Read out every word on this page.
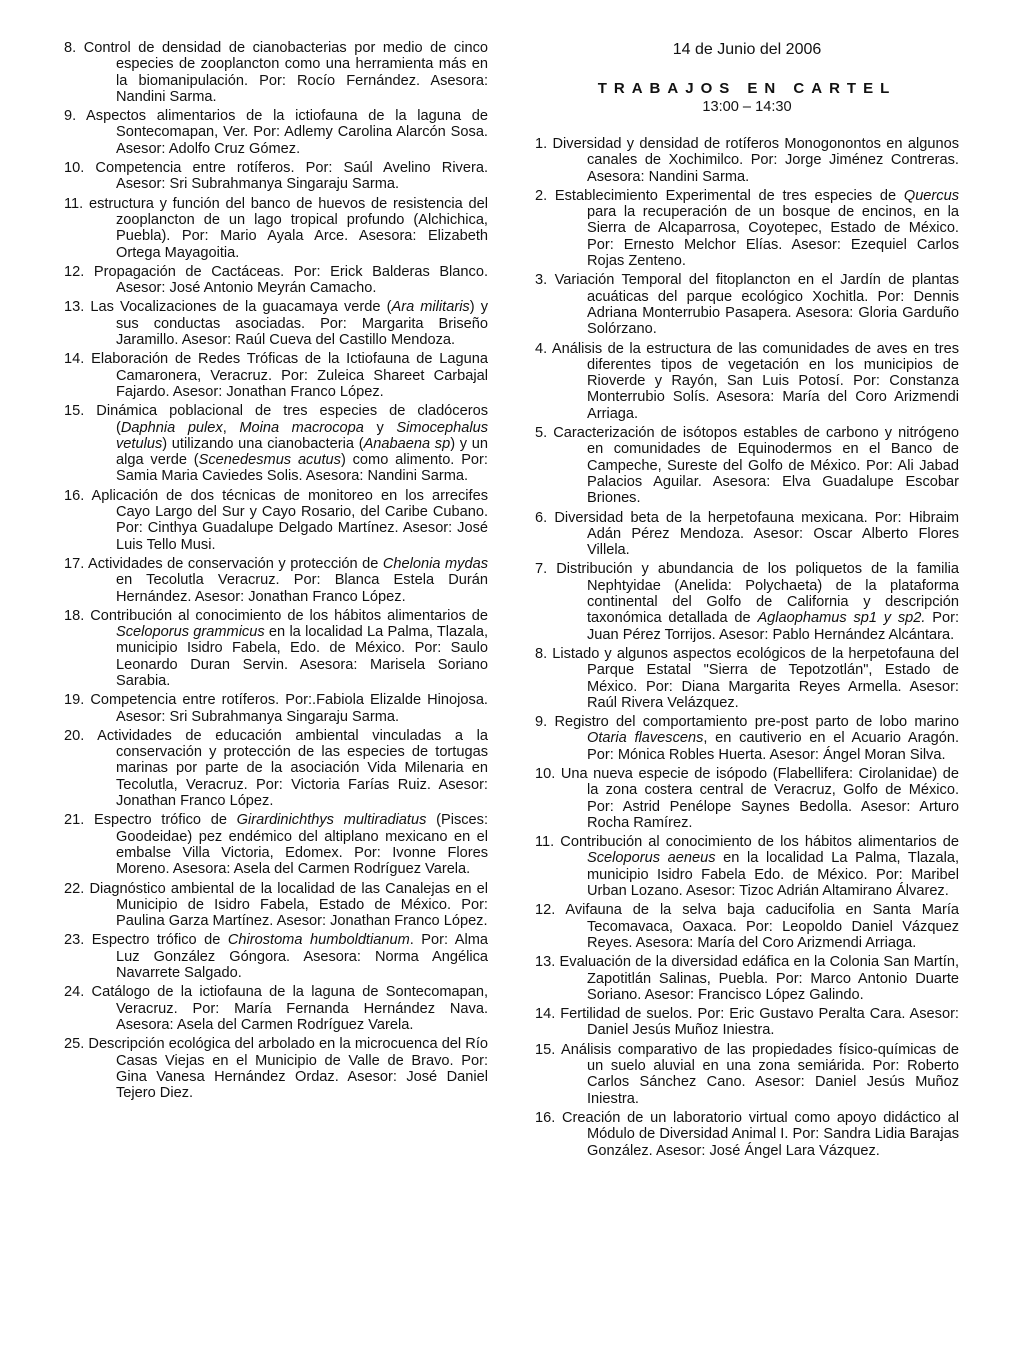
8. Control de densidad de cianobacterias por medio de cinco especies de zooplancton como una herramienta más en la biomanipulación. Por: Rocío Fernández. Asesora: Nandini Sarma.

9. Aspectos alimentarios de la ictiofauna de la laguna de Sontecomapan, Ver. Por: Adlemy Carolina Alarcón Sosa. Asesor: Adolfo Cruz Gómez.

10. Competencia entre rotíferos. Por: Saúl Avelino Rivera. Asesor: Sri Subrahmanya Singaraju Sarma.

11. estructura y función del banco de huevos de resistencia del zooplancton de un lago tropical profundo (Alchichica, Puebla). Por: Mario Ayala Arce. Asesora: Elizabeth Ortega Mayagoitia.

12. Propagación de Cactáceas. Por: Erick Balderas Blanco. Asesor: José Antonio Meyrán Camacho.

13. Las Vocalizaciones de la guacamaya verde (Ara militaris) y sus conductas asociadas. Por: Margarita Briseño Jaramillo. Asesor: Raúl Cueva del Castillo Mendoza.

14. Elaboración de Redes Tróficas de la Ictiofauna de Laguna Camaronera, Veracruz. Por: Zuleica Shareet Carbajal Fajardo. Asesor: Jonathan Franco López.

15. Dinámica poblacional de tres especies de cladóceros (Daphnia pulex, Moina macrocopa y Simocephalus vetulus) utilizando una cianobacteria (Anabaena sp) y un alga verde (Scenedesmus acutus) como alimento. Por: Samia Maria Caviedes Solis. Asesora: Nandini Sarma.

16. Aplicación de dos técnicas de monitoreo en los arrecifes Cayo Largo del Sur y Cayo Rosario, del Caribe Cubano. Por: Cinthya Guadalupe Delgado Martínez. Asesor: José Luis Tello Musi.

17. Actividades de conservación y protección de Chelonia mydas en Tecolutla Veracruz. Por: Blanca Estela Durán Hernández. Asesor: Jonathan Franco López.

18. Contribución al conocimiento de los hábitos alimentarios de Sceloporus grammicus en la localidad La Palma, Tlazala, municipio Isidro Fabela, Edo. de México. Por: Saulo Leonardo Duran Servin. Asesora: Marisela Soriano Sarabia.

19. Competencia entre rotíferos. Por:.Fabiola Elizalde Hinojosa. Asesor: Sri Subrahmanya Singaraju Sarma.

20. Actividades de educación ambiental vinculadas a la conservación y protección de las especies de tortugas marinas por parte de la asociación Vida Milenaria en Tecolutla, Veracruz. Por: Victoria Farías Ruiz. Asesor: Jonathan Franco López.

21. Espectro trófico de Girardinichthys multiradiatus (Pisces: Goodeidae) pez endémico del altiplano mexicano en el embalse Villa Victoria, Edomex. Por: Ivonne Flores Moreno. Asesora: Asela del Carmen Rodríguez Varela.

22. Diagnóstico ambiental de la localidad de las Canalejas en el Municipio de Isidro Fabela, Estado de México. Por: Paulina Garza Martínez. Asesor: Jonathan Franco López.

23. Espectro trófico de Chirostoma humboldtianum. Por: Alma Luz González Góngora. Asesora: Norma Angélica Navarrete Salgado.

24. Catálogo de la ictiofauna de la laguna de Sontecomapan, Veracruz. Por: María Fernanda Hernández Nava. Asesora: Asela del Carmen Rodríguez Varela.

25. Descripción ecológica del arbolado en la microcuenca del Río Casas Viejas en el Municipio de Valle de Bravo. Por: Gina Vanesa Hernández Ordaz. Asesor: José Daniel Tejero Diez.

14 de Junio del 2006

TRABAJOS EN CARTEL

13:00 – 14:30

1. Diversidad y densidad de rotíferos Monogonontos en algunos canales de Xochimilco. Por: Jorge Jiménez Contreras. Asesora: Nandini Sarma.

2. Establecimiento Experimental de tres especies de Quercus para la recuperación de un bosque de encinos, en la Sierra de Alcaparrosa, Coyotepec, Estado de México. Por: Ernesto Melchor Elías. Asesor: Ezequiel Carlos Rojas Zenteno.

3. Variación Temporal del fitoplancton en el Jardín de plantas acuáticas del parque ecológico Xochitla. Por: Dennis Adriana Monterrubio Pasapera. Asesora: Gloria Garduño Solórzano.

4. Análisis de la estructura de las comunidades de aves en tres diferentes tipos de vegetación en los municipios de Rioverde y Rayón, San Luis Potosí. Por: Constanza Monterrubio Solís. Asesora: María del Coro Arizmendi Arriaga.

5. Caracterización de isótopos estables de carbono y nitrógeno en comunidades de Equinodermos en el Banco de Campeche, Sureste del Golfo de México. Por: Ali Jabad Palacios Aguilar. Asesora: Elva Guadalupe Escobar Briones.

6. Diversidad beta de la herpetofauna mexicana. Por: Hibraim Adán Pérez Mendoza. Asesor: Oscar Alberto Flores Villela.

7. Distribución y abundancia de los poliquetos de la familia Nephtyidae (Anelida: Polychaeta) de la plataforma continental del Golfo de California y descripción taxonómica detallada de Aglaophamus sp1 y sp2. Por: Juan Pérez Torrijos. Asesor: Pablo Hernández Alcántara.

8. Listado y algunos aspectos ecológicos de la herpetofauna del Parque Estatal "Sierra de Tepotzotlán", Estado de México. Por: Diana Margarita Reyes Armella. Asesor: Raúl Rivera Velázquez.

9. Registro del comportamiento pre-post parto de lobo marino Otaria flavescens, en cautiverio en el Acuario Aragón. Por: Mónica Robles Huerta. Asesor: Ángel Moran Silva.

10. Una nueva especie de isópodo (Flabellifera: Cirolanidae) de la zona costera central de Veracruz, Golfo de México. Por: Astrid Penélope Saynes Bedolla. Asesor: Arturo Rocha Ramírez.

11. Contribución al conocimiento de los hábitos alimentarios de Sceloporus aeneus en la localidad La Palma, Tlazala, municipio Isidro Fabela Edo. de México. Por: Maribel Urban Lozano. Asesor: Tizoc Adrián Altamirano Álvarez.

12. Avifauna de la selva baja caducifolia en Santa María Tecomavaca, Oaxaca. Por: Leopoldo Daniel Vázquez Reyes. Asesora: María del Coro Arizmendi Arriaga.

13. Evaluación de la diversidad edáfica en la Colonia San Martín, Zapotitlán Salinas, Puebla. Por: Marco Antonio Duarte Soriano. Asesor: Francisco López Galindo.

14. Fertilidad de suelos. Por: Eric Gustavo Peralta Cara. Asesor: Daniel Jesús Muñoz Iniestra.

15. Análisis comparativo de las propiedades físico-químicas de un suelo aluvial en una zona semiárida. Por: Roberto Carlos Sánchez Cano. Asesor: Daniel Jesús Muñoz Iniestra.

16. Creación de un laboratorio virtual como apoyo didáctico al Módulo de Diversidad Animal I. Por: Sandra Lidia Barajas González. Asesor: José Ángel Lara Vázquez.
